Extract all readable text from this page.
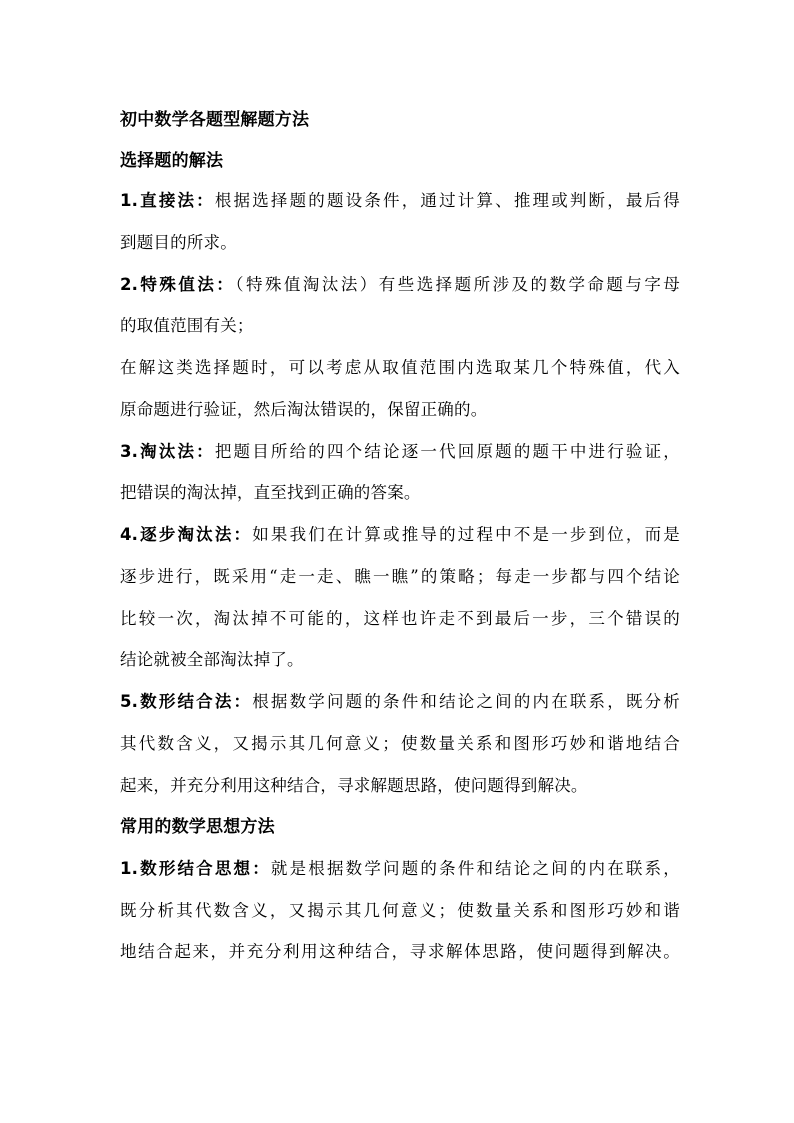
初中数学各题型解题方法
选择题的解法
1.直接法：根据选择题的题设条件，通过计算、推理或判断，最后得
到题目的所求。
2.特殊值法：（特殊值淘汰法）有些选择题所涉及的数学命题与字母
的取值范围有关；
在解这类选择题时，可以考虑从取值范围内选取某几个特殊值，代入
原命题进行验证，然后淘汰错误的，保留正确的。
3.淘汰法：把题目所给的四个结论逐一代回原题的题干中进行验证，
把错误的淘汰掉，直至找到正确的答案。
4.逐步淘汰法：如果我们在计算或推导的过程中不是一步到位，而是
逐步进行，既采用“走一走、瞧一瞧”的策略；每走一步都与四个结论
比较一次，淘汰掉不可能的，这样也许走不到最后一步，三个错误的
结论就被全部淘汰掉了。
5.数形结合法：根据数学问题的条件和结论之间的内在联系，既分析
其代数含义，又揭示其几何意义；使数量关系和图形巧妙和谐地结合
起来，并充分利用这种结合，寻求解题思路，使问题得到解决。
常用的数学思想方法
1.数形结合思想：就是根据数学问题的条件和结论之间的内在联系，
既分析其代数含义，又揭示其几何意义；使数量关系和图形巧妙和谐
地结合起来，并充分利用这种结合，寻求解体思路，使问题得到解决。
